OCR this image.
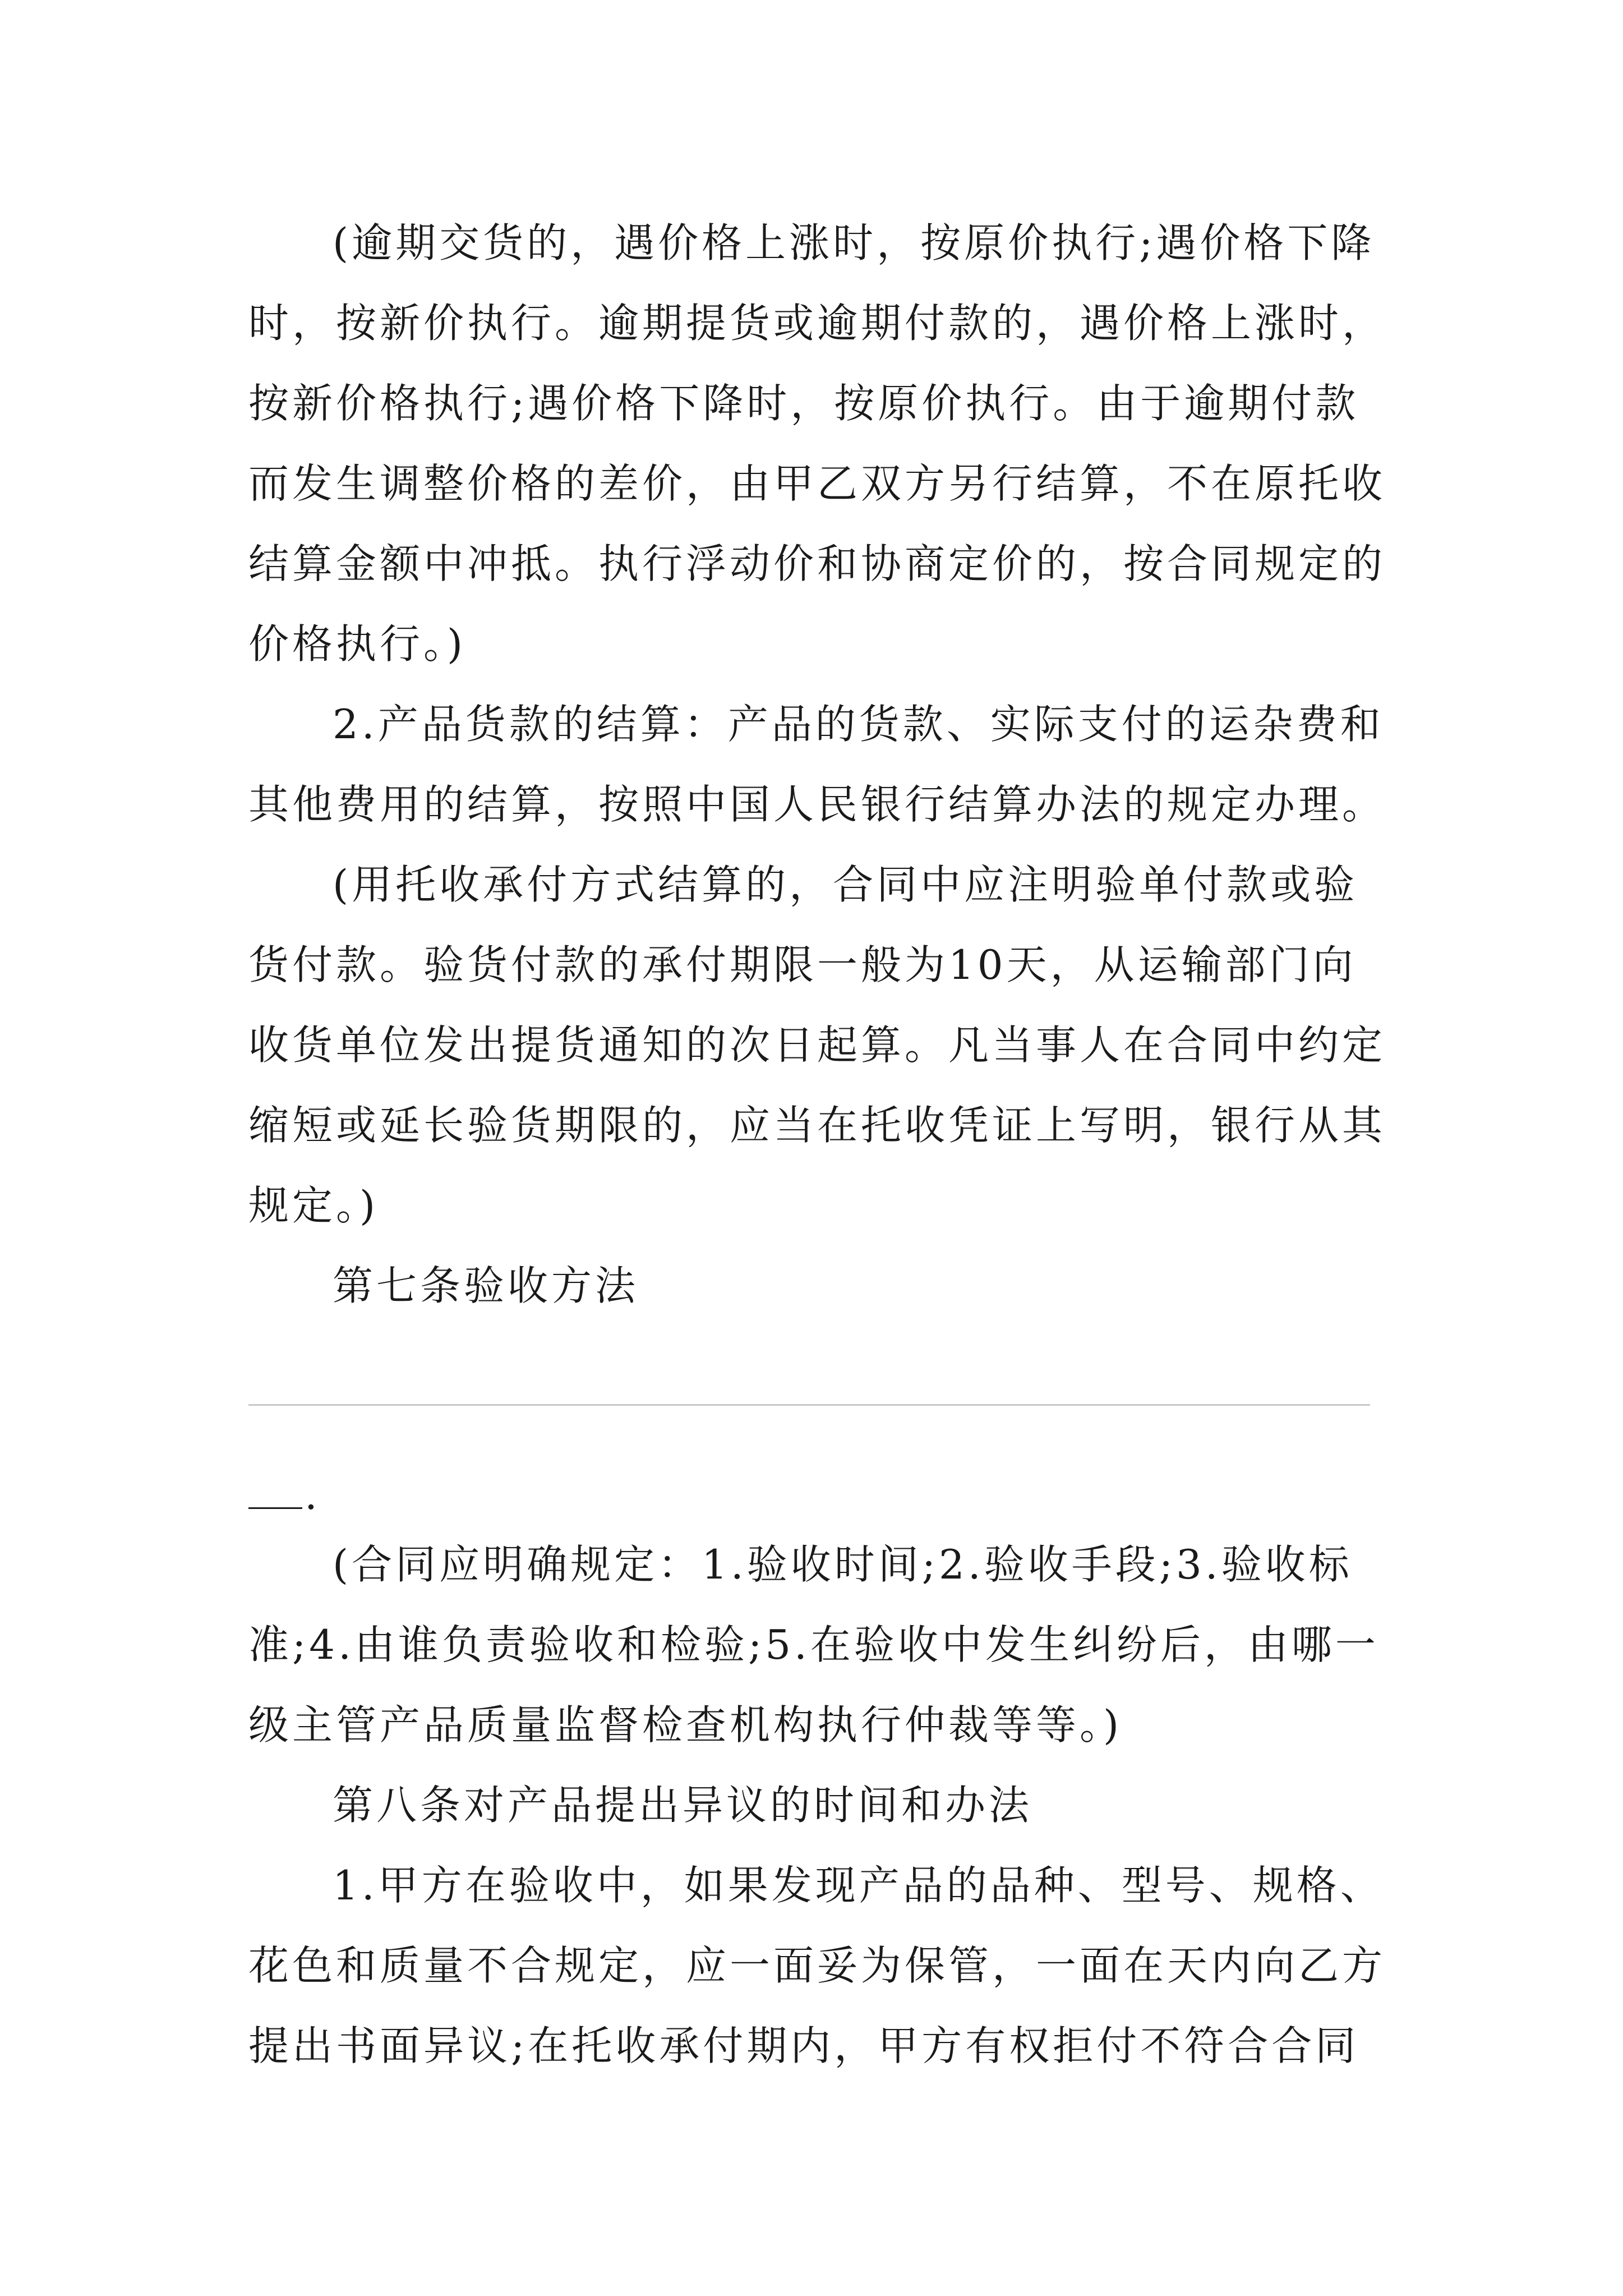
(逾期交货的，遇价格上涨时，按原价执行;遇价格下降
时，按新价执行。逾期提货或逾期付款的，遇价格上涨时，
按新价格执行;遇价格下降时，按原价执行。由于逾期付款
而发生调整价格的差价，由甲乙双方另行结算，不在原托收
结算金额中冲抵。执行浮动价和协商定价的，按合同规定的
价格执行。)
2.产品货款的结算：产品的货款、实际支付的运杂费和
其他费用的结算，按照中国人民银行结算办法的规定办理。
(用托收承付方式结算的，合同中应注明验单付款或验
货付款。验货付款的承付期限一般为10天，从运输部门向
收货单位发出提货通知的次日起算。凡当事人在合同中约定
缩短或延长验货期限的，应当在托收凭证上写明，银行从其
规定。)
第七条验收方法
.
(合同应明确规定：1.验收时间;2.验收手段;3.验收标
准;4.由谁负责验收和检验;5.在验收中发生纠纷后，由哪一
级主管产品质量监督检查机构执行仲裁等等。)
第八条对产品提出异议的时间和办法
1.甲方在验收中，如果发现产品的品种、型号、规格、
花色和质量不合规定，应一面妥为保管，一面在天内向乙方
提出书面异议;在托收承付期内，甲方有权拒付不符合合同
